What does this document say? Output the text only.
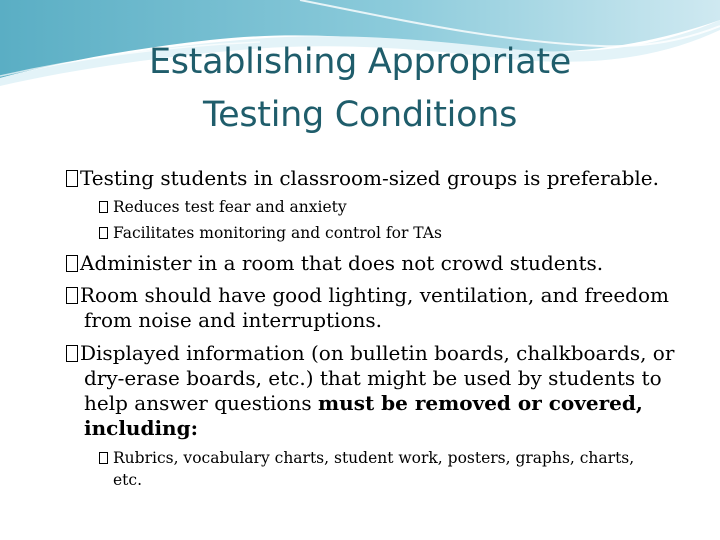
Establishing Appropriate
Testing Conditions
Testing students in classroom-sized groups is preferable.
Reduces test fear and anxiety
Facilitates monitoring and control for TAs
Administer in a room that does not crowd students.
Room should have good lighting, ventilation, and freedom
from noise and interruptions.
Displayed information (on bulletin boards, chalkboards, or
dry-erase boards, etc.) that might be used by students to
help answer questions must be removed or covered,
including:
Rubrics, vocabulary charts, student work, posters, graphs, charts,
etc.
